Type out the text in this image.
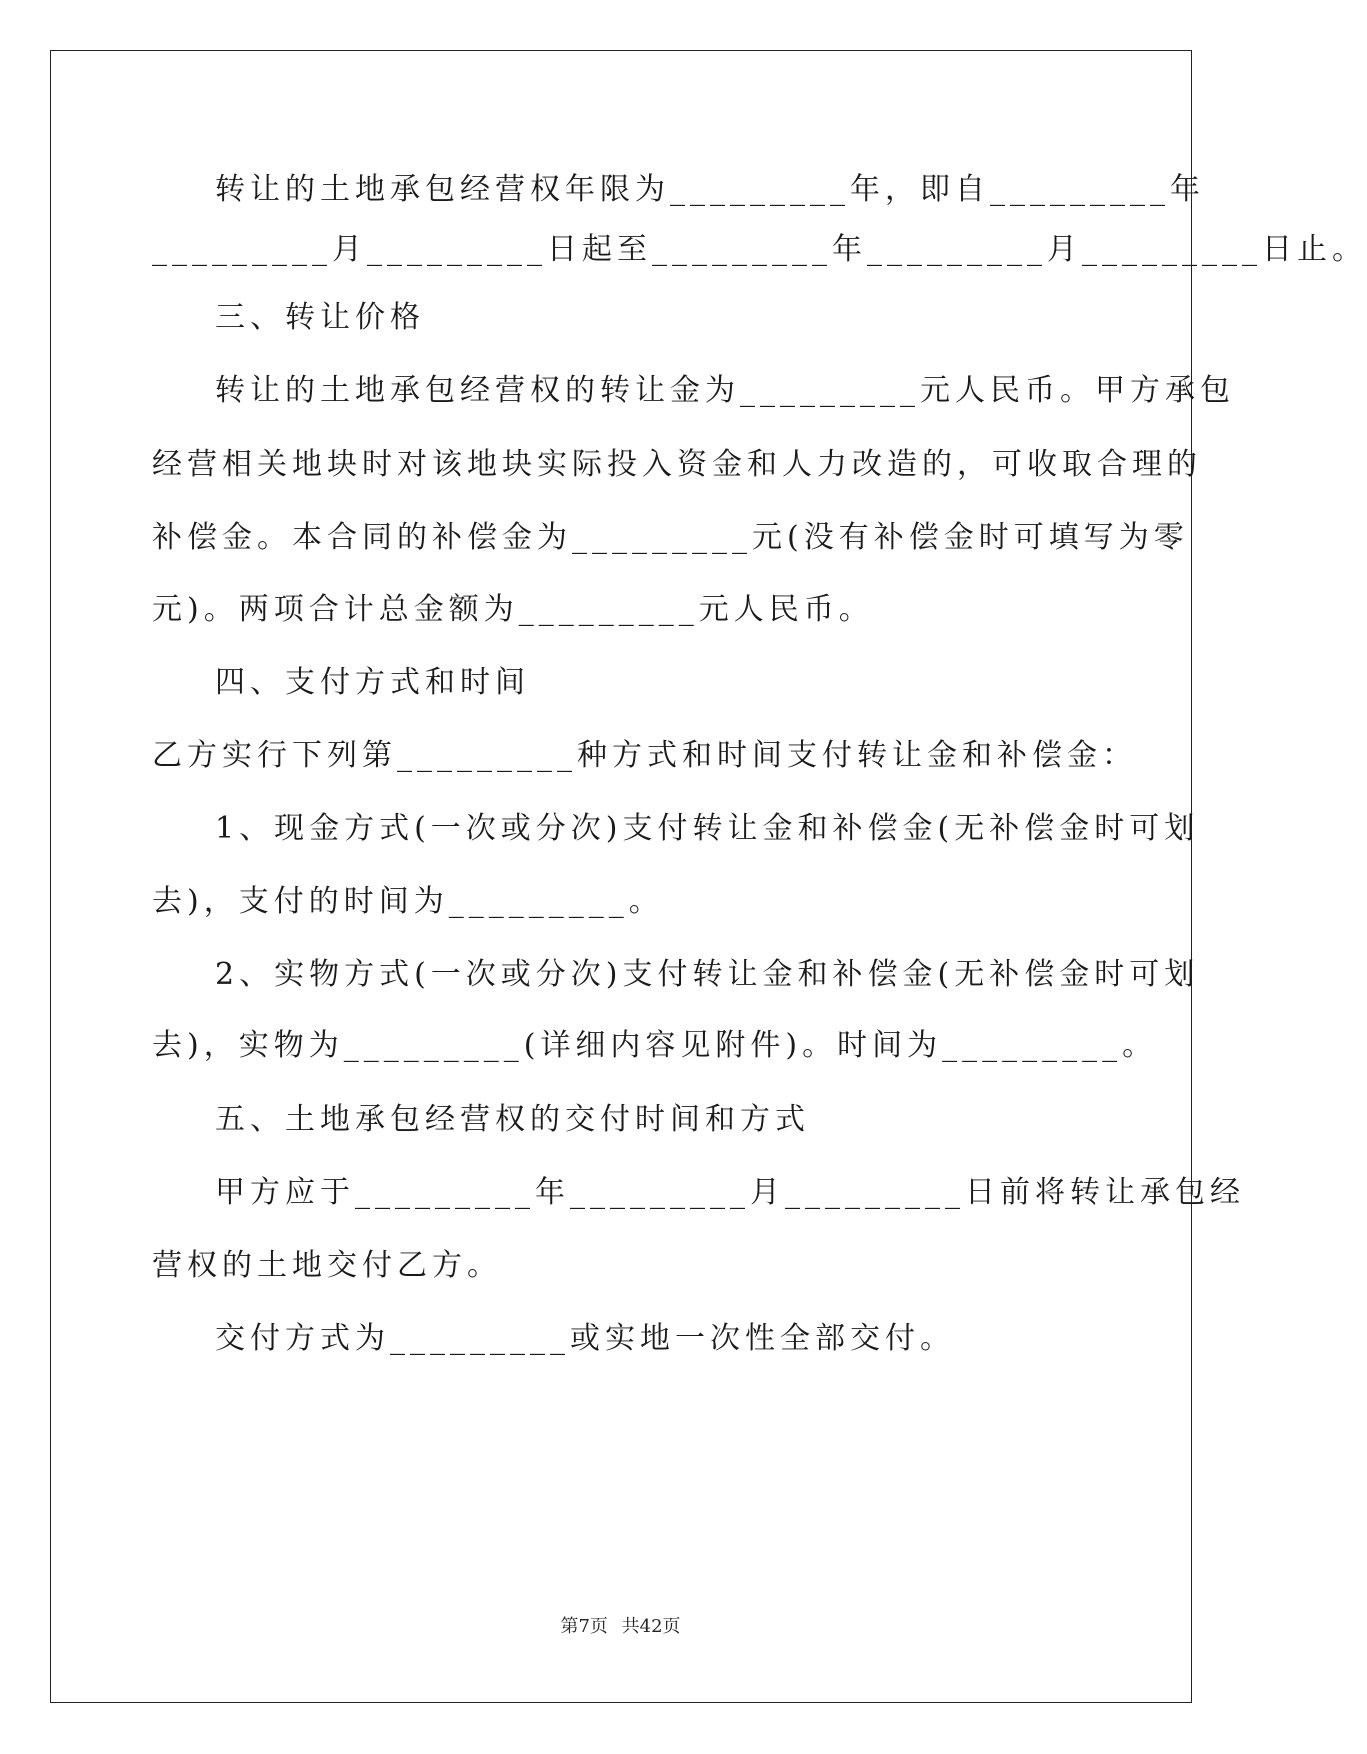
转让的土地承包经营权年限为_________年，即自_________年
_________月_________日起至_________年_________月_________日止。
三、转让价格
转让的土地承包经营权的转让金为_________元人民币。甲方承包
经营相关地块时对该地块实际投入资金和人力改造的，可收取合理的
补偿金。本合同的补偿金为_________元(没有补偿金时可填写为零
元)。两项合计总金额为_________元人民币。
四、支付方式和时间
乙方实行下列第_________种方式和时间支付转让金和补偿金：
1、现金方式(一次或分次)支付转让金和补偿金(无补偿金时可划
去)，支付的时间为_________。
2、实物方式(一次或分次)支付转让金和补偿金(无补偿金时可划
去)，实物为_________(详细内容见附件)。时间为_________。
五、土地承包经营权的交付时间和方式
甲方应于_________年_________月_________日前将转让承包经
营权的土地交付乙方。
交付方式为_________或实地一次性全部交付。
第7页 共42页
